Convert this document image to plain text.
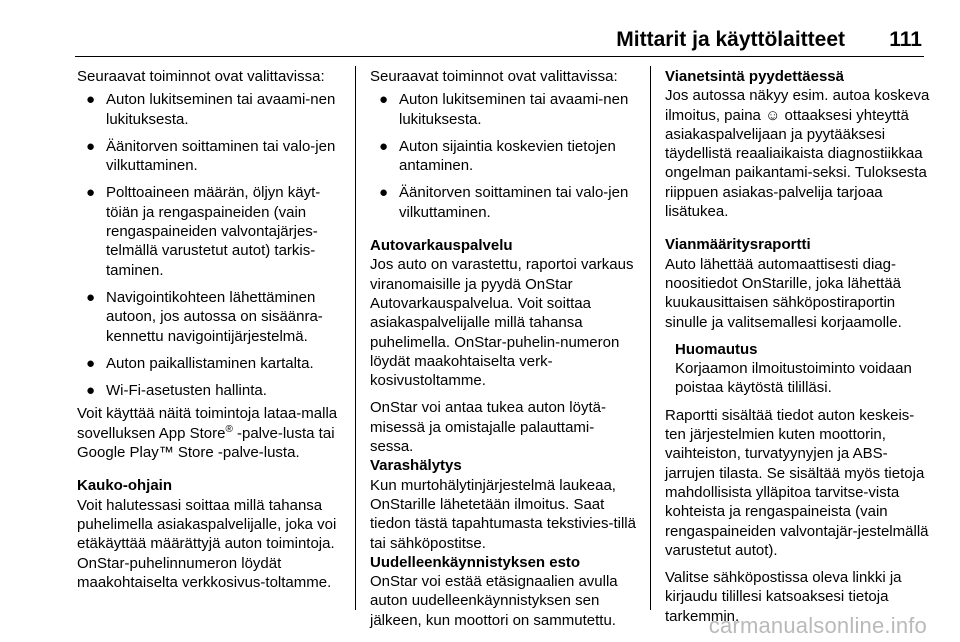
Mittarit ja käyttölaitteet 111

Seuraavat toiminnot ovat valittavissa:

● Auton lukitseminen tai avaami-nen lukituksesta.
● Äänitorven soittaminen tai valo-jen vilkuttaminen.
● Polttoaineen määrän, öljyn käyt-töiän ja rengaspaineiden (vain rengaspaineiden valvontajärjes-telmällä varustetut autot) tarkis-taminen.
● Navigointikohteen lähettäminen autoon, jos autossa on sisäänra-kennettu navigointijärjestelmä.
● Auton paikallistaminen kartalta.
● Wi-Fi-asetusten hallinta.

Voit käyttää näitä toimintoja lataa-malla sovelluksen App Store® -palve-lusta tai Google Play™ Store -palve-lusta.

Kauko-ohjain

Voit halutessasi soittaa millä tahansa puhelimella asiakaspalvelijalle, joka voi etäkäyttää määrättyjä auton toimintoja. OnStar-puhelinnumeron löydät maakohtaiselta verkkosivus-toltamme.

Seuraavat toiminnot ovat valittavissa:

● Auton lukitseminen tai avaami-nen lukituksesta.
● Auton sijaintia koskevien tietojen antaminen.
● Äänitorven soittaminen tai valo-jen vilkuttaminen.

Autovarkauspalvelu

Jos auto on varastettu, raportoi varkaus viranomaisille ja pyydä OnStar Autovarkauspalvelua. Voit soittaa asiakaspalvelijalle millä tahansa puhelimella. OnStar-puhelin-numeron löydät maakohtaiselta verk-kosivustoltamme.

OnStar voi antaa tukea auton löytä-misessä ja omistajalle palauttami-sessa.

Varashälytys

Kun murtohälytinjärjestelmä laukeaa, OnStarille lähetetään ilmoitus. Saat tiedon tästä tapahtumasta tekstivies-tillä tai sähköpostitse.

Uudelleenkäynnistyksen esto

OnStar voi estää etäsignaalien avulla auton uudelleenkäynnistyksen sen jälkeen, kun moottori on sammutettu.

Vianetsintä pyydettäessä

Jos autossa näkyy esim. autoa koskeva ilmoitus, paina ☺ ottaaksesi yhteyttä asiakaspalvelijaan ja pyytääksesi täydellistä reaaliaikaista diagnostiikkaa ongelman paikantami-seksi. Tuloksesta riippuen asiakas-palvelija tarjoaa lisätukea.

Vianmääritysraportti

Auto lähettää automaattisesti diag-noositiedot OnStarille, joka lähettää kuukausittaisen sähköpostiraportin sinulle ja valitsemallesi korjaamolle.

Huomautus
Korjaamon ilmoitustoiminto voidaan poistaa käytöstä tililläsi.

Raportti sisältää tiedot auton keskeis-ten järjestelmien kuten moottorin, vaihteiston, turvatyynyjen ja ABS-jarrujen tilasta. Se sisältää myös tietoja mahdollisista ylläpitoa tarvitse-vista kohteista ja rengaspaineista (vain rengaspaineiden valvontajär-jestelmällä varustetut autot).

Valitse sähköpostissa oleva linkki ja kirjaudu tilillesi katsoaksesi tietoja tarkemmin.

carmanualsonline.info
